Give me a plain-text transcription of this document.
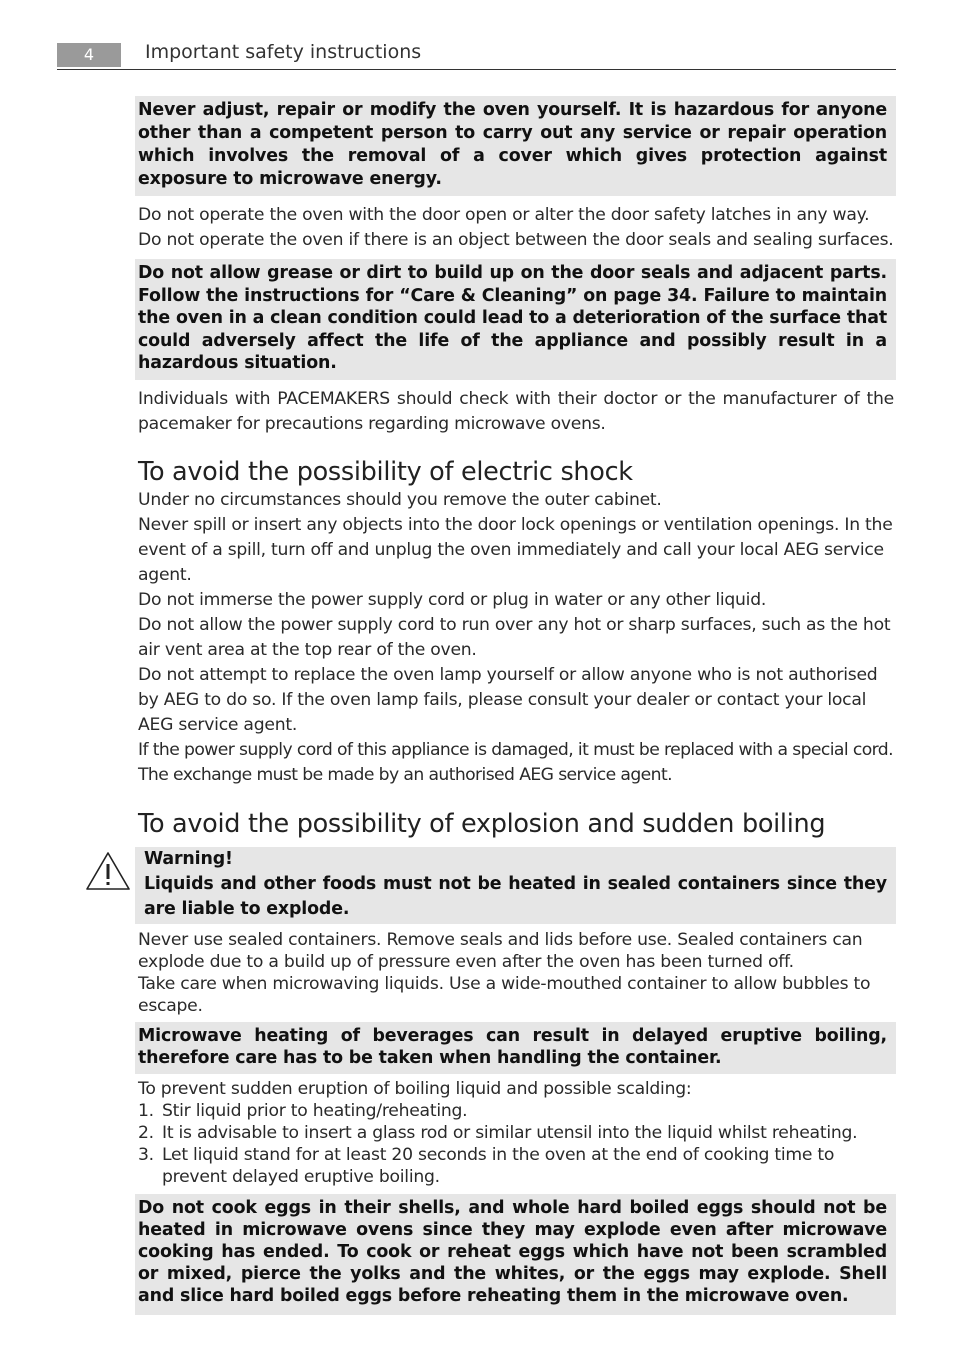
4	Important safety instructions
Never adjust, repair or modify the oven yourself. It is hazardous for anyone other than a competent person to carry out any service or repair operation which involves the removal of a cover which gives protection against exposure to microwave energy.

Do not operate the oven with the door open or alter the door safety latches in any way.

Do not operate the oven if there is an object between the door seals and sealing surfaces.

Do not allow grease or dirt to build up on the door seals and adjacent parts. Follow the instructions for “Care & Cleaning” on page 34. Failure to maintain the oven in a clean condition could lead to a deterioration of the surface that could adversely affect the life of the appliance and possibly result in a hazardous situation.
Individuals with PACEMAKERS should check with their doctor or the manufacturer of the pacemaker for precautions regarding microwave ovens.
To avoid the possibility of electric shock

Under no circumstances should you remove the outer cabinet.

Never spill or insert any objects into the door lock openings or ventilation openings. In the event of a spill, turn off and unplug the oven immediately and call your local AEG service agent.

Do not immerse the power supply cord or plug in water or any other liquid.

Do not allow the power supply cord to run over any hot or sharp surfaces, such as the hot air vent area at the top rear of the oven.

Do not attempt to replace the oven lamp yourself or allow anyone who is not authorised by AEG to do so. If the oven lamp fails, please consult your dealer or contact your local AEG service agent.

If the power supply cord of this appliance is damaged, it must be replaced with a special cord. The exchange must be made by an authorised AEG service agent.

To avoid the possibility of explosion and sudden boiling
Warning!
Liquids and other foods must not be heated in sealed containers since they are liable to explode.

Never use sealed containers. Remove seals and lids before use. Sealed containers can explode due to a build up of pressure even after the oven has been turned off.

Take care when microwaving liquids. Use a wide-mouthed container to allow bubbles to escape.

Microwave heating of beverages can result in delayed eruptive boiling, therefore care has to be taken when handling the container.

To prevent sudden eruption of boiling liquid and possible scalding:

1. Stir liquid prior to heating/reheating.
2. It is advisable to insert a glass rod or similar utensil into the liquid whilst reheating.
3. Let liquid stand for at least 20 seconds in the oven at the end of cooking time to prevent delayed eruptive boiling.
Do not cook eggs in their shells, and whole hard boiled eggs should not be heated in microwave ovens since they may explode even after microwave cooking has ended. To cook or reheat eggs which have not been scrambled or mixed, pierce the yolks and the whites, or the eggs may explode. Shell and slice hard boiled eggs before reheating them in the microwave oven.
